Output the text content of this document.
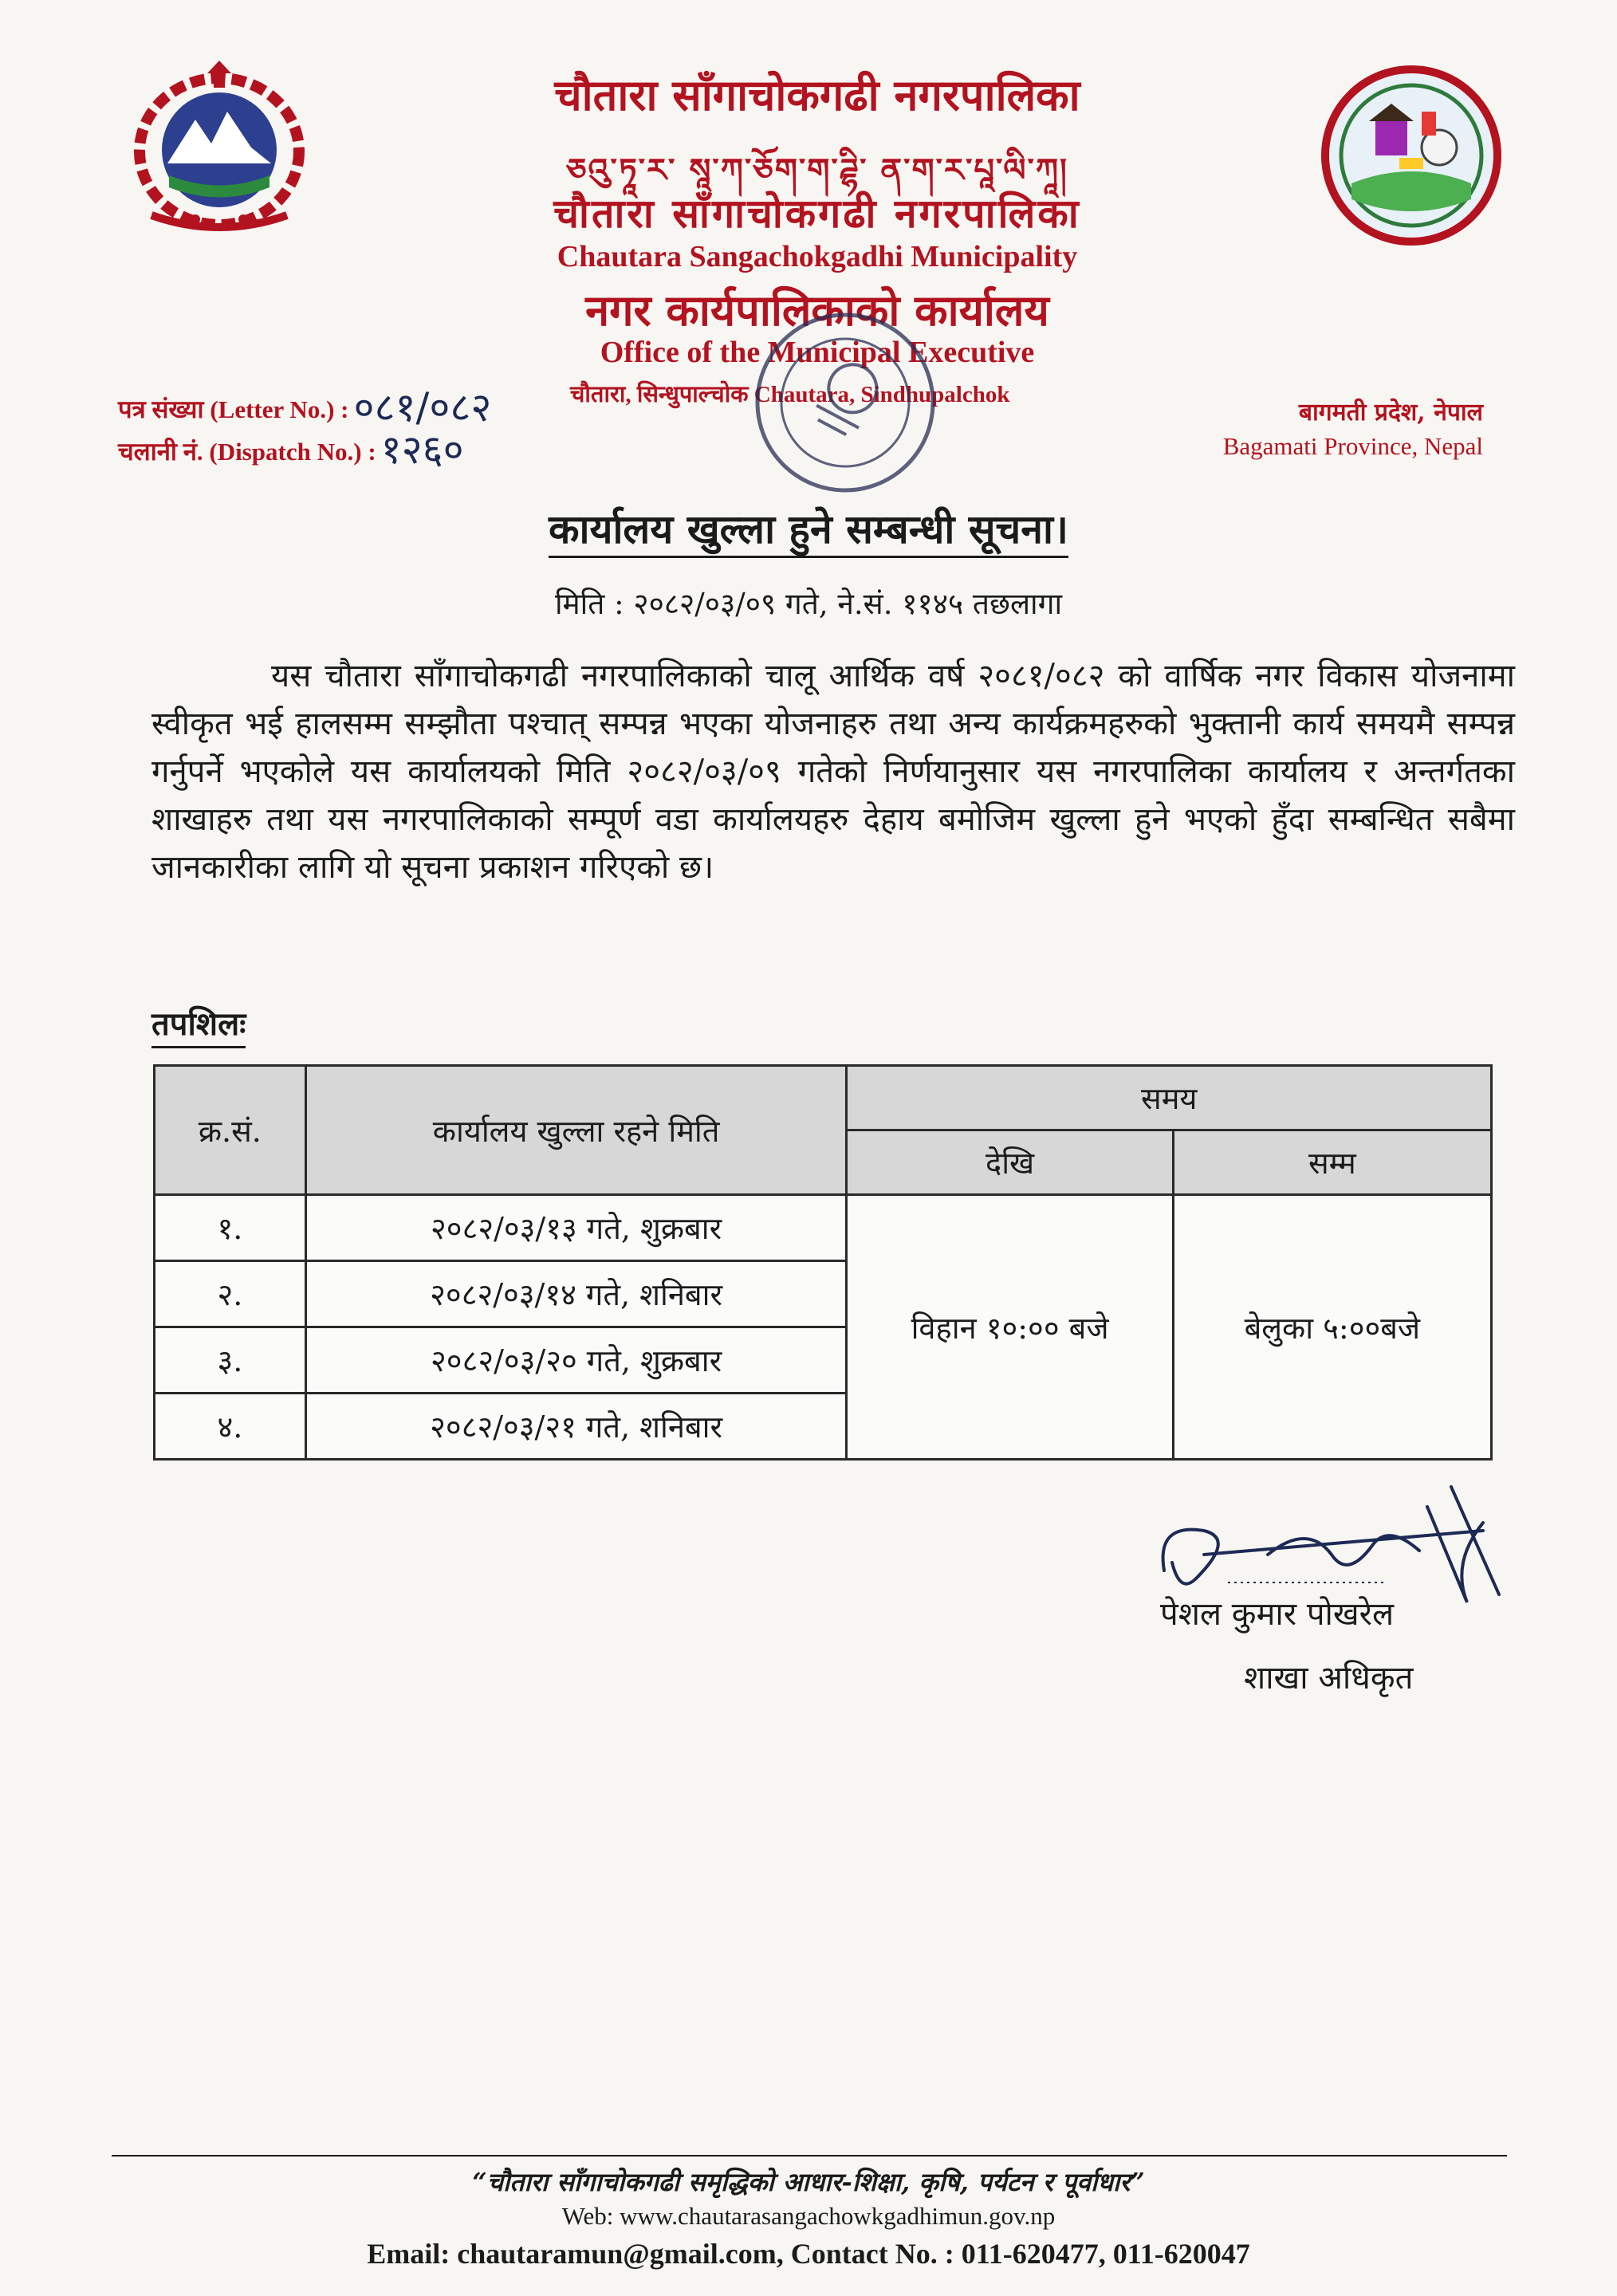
चौतारा साँगाचोकगढी नगरपालिका
ཅའུ་ཏཱ་ར་ སཱ་ཀ་ཅོག་ག་ཌྷི་ ན་ག་ར་པཱ་ལི་ཀཱ།
चौतारा साँगाचोकगढी नगरपालिका
Chautara Sangachokgadhi Municipality
नगर कार्यपालिकाको कार्यालय
Office of the Municipal Executive
चौतारा, सिन्धुपाल्चोक Chautara, Sindhupalchok
पत्र संख्या (Letter No.) : ०८१/०८२
चलानी नं. (Dispatch No.) : १२६०
बागमती प्रदेश, नेपाल
Bagamati Province, Nepal
कार्यालय खुल्ला हुने सम्बन्धी सूचना।
मिति : २०८२/०३/०९ गते, ने.सं. ११४५ तछलागा
यस चौतारा साँगाचोकगढी नगरपालिकाको चालू आर्थिक वर्ष २०८१/०८२ को वार्षिक नगर विकास योजनामा स्वीकृत भई हालसम्म सम्झौता पश्चात् सम्पन्न भएका योजनाहरु तथा अन्य कार्यक्रमहरुको भुक्तानी कार्य समयमै सम्पन्न गर्नुपर्ने भएकोले यस कार्यालयको मिति २०८२/०३/०९ गतेको निर्णयानुसार यस नगरपालिका कार्यालय र अन्तर्गतका शाखाहरु तथा यस नगरपालिकाको सम्पूर्ण वडा कार्यालयहरु देहाय बमोजिम खुल्ला हुने भएको हुँदा सम्बन्धित सबैमा जानकारीका लागि यो सूचना प्रकाशन गरिएको छ।
तपशिलः
क्र.सं.	कार्यालय खुल्ला रहने मिति	समय	
		देखि	सम्म
१.	२०८२/०३/१३ गते, शुक्रबार	विहान १०:०० बजे	बेलुका ५:००बजे
२.	२०८२/०३/१४ गते, शनिबार		
३.	२०८२/०३/२० गते, शुक्रबार		
४.	२०८२/०३/२१ गते, शनिबार		
पेशल कुमार पोखरेल
शाखा अधिकृत
“चौतारा साँगाचोकगढी समृद्धिको आधार-शिक्षा, कृषि, पर्यटन र पूर्वाधार”
Web: www.chautarasangachowkgadhimun.gov.np
Email: chautaramun@gmail.com, Contact No. : 011-620477, 011-620047
